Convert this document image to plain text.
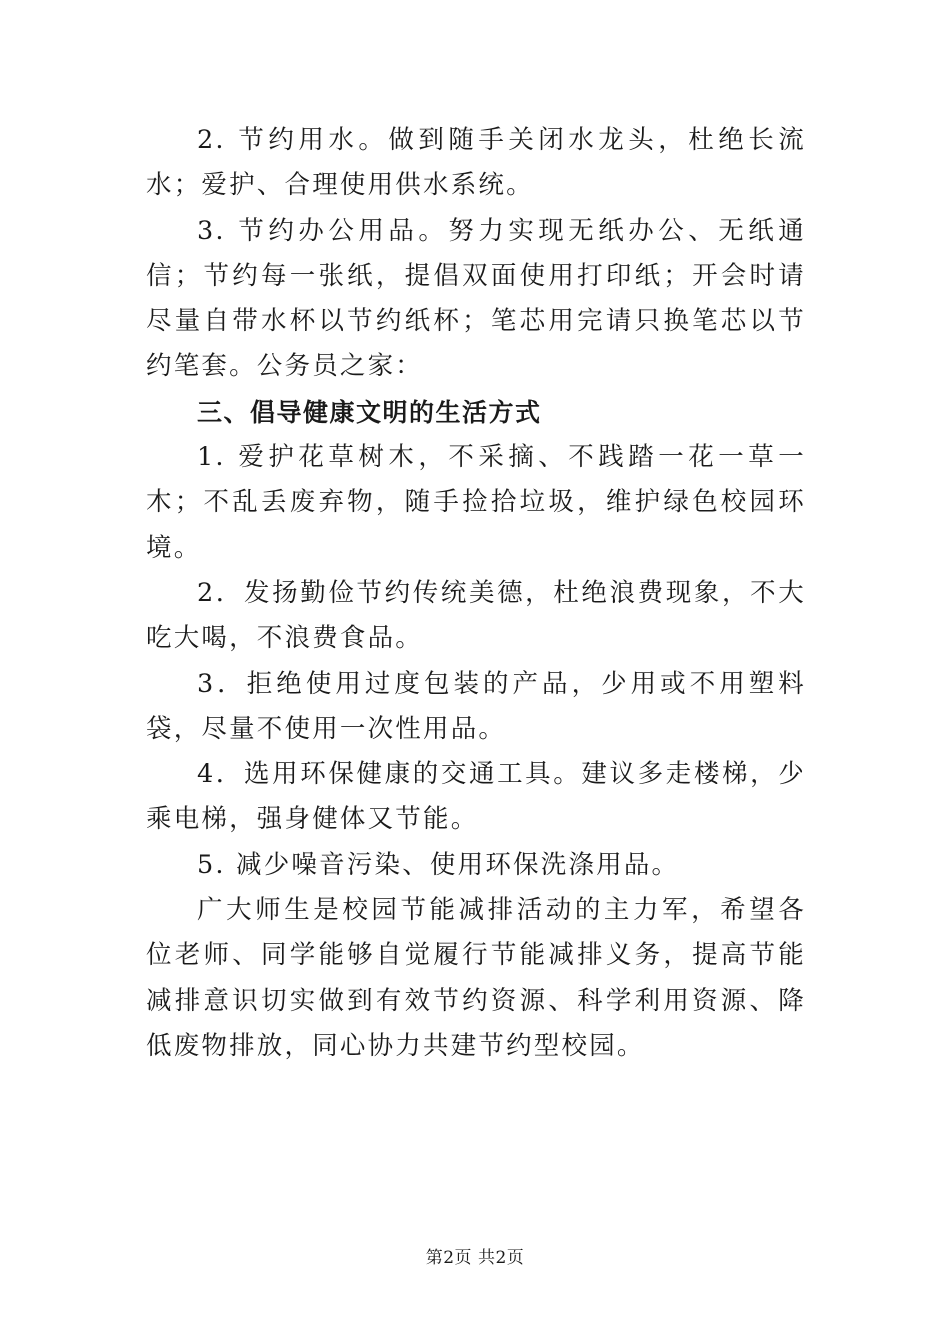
2. 节约用水。做到随手关闭水龙头，杜绝长流水；爱护、合理使用供水系统。

3. 节约办公用品。努力实现无纸办公、无纸通信；节约每一张纸，提倡双面使用打印纸；开会时请尽量自带水杯以节约纸杯；笔芯用完请只换笔芯以节约笔套。公务员之家：

三、倡导健康文明的生活方式

1. 爱护花草树木，不采摘、不践踏一花一草一木；不乱丢废弃物，随手捡拾垃圾，维护绿色校园环境。

2．发扬勤俭节约传统美德，杜绝浪费现象，不大吃大喝，不浪费食品。

3．拒绝使用过度包装的产品，少用或不用塑料袋，尽量不使用一次性用品。

4．选用环保健康的交通工具。建议多走楼梯，少乘电梯，强身健体又节能。

5. 减少噪音污染、使用环保洗涤用品。

广大师生是校园节能减排活动的主力军，希望各位老师、同学能够自觉履行节能减排义务，提高节能减排意识切实做到有效节约资源、科学利用资源、降低废物排放，同心协力共建节约型校园。

第2页 共2页
